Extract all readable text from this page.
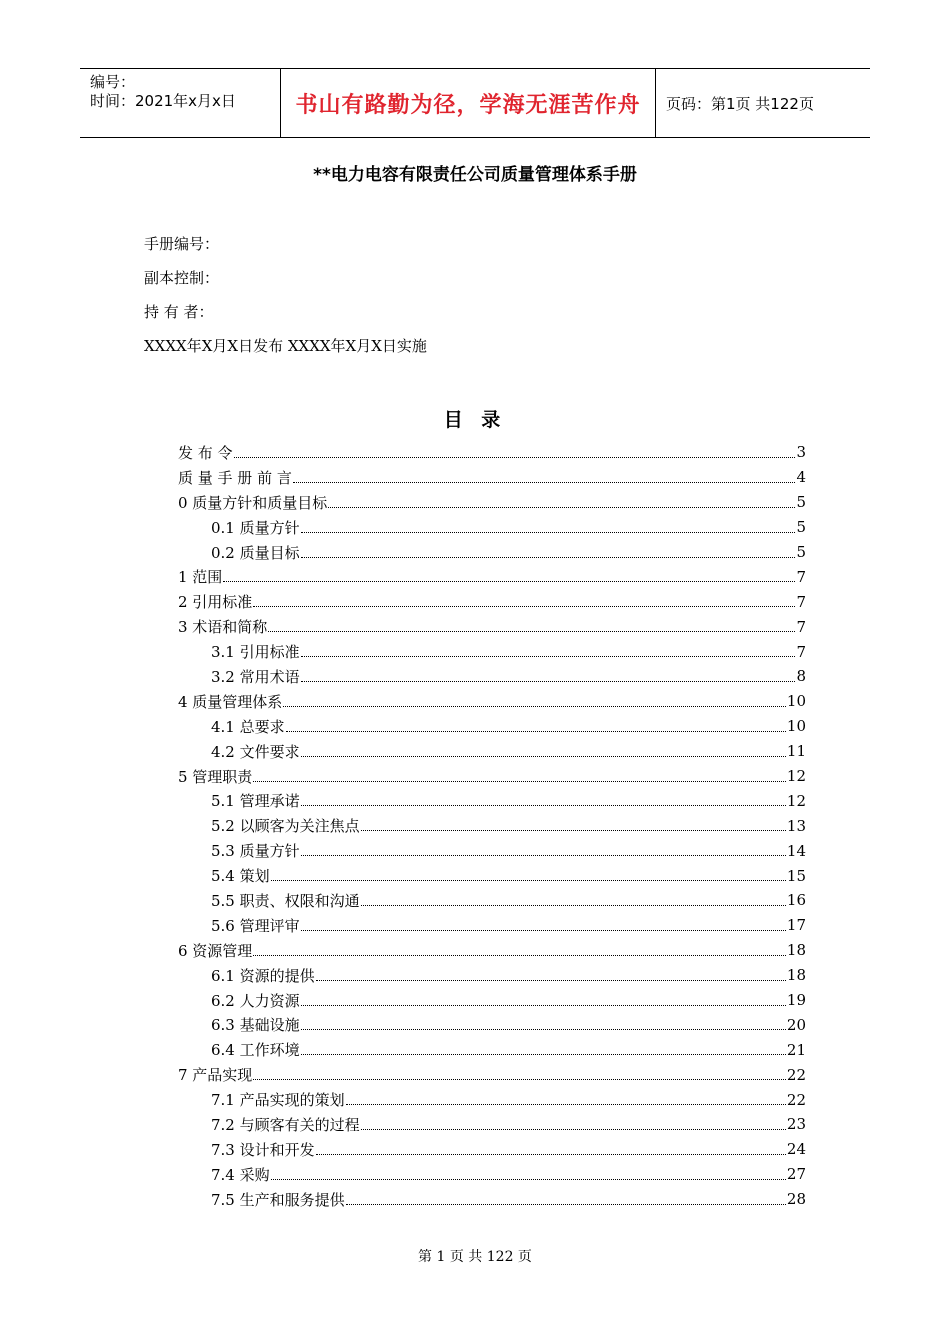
编号：
时间：2021年x月x日	书山有路勤为径，学海无涯苦作舟	页码：第1页 共122页
**电力电容有限责任公司质量管理体系手册
手册编号：
副本控制：
持 有 者：
XXXX年X月X日发布 XXXX年X月X日实施
目 录
发 布 令	3
质 量 手 册 前 言	4
0 质量方针和质量目标	5
0.1 质量方针	5
0.2 质量目标	5
1 范围	7
2 引用标准	7
3 术语和简称	7
3.1 引用标准	7
3.2 常用术语	8
4 质量管理体系	10
4.1 总要求	10
4.2 文件要求	11
5 管理职责	12
5.1 管理承诺	12
5.2 以顾客为关注焦点	13
5.3 质量方针	14
5.4 策划	15
5.5 职责、权限和沟通	16
5.6 管理评审	17
6 资源管理	18
6.1 资源的提供	18
6.2 人力资源	19
6.3 基础设施	20
6.4 工作环境	21
7 产品实现	22
7.1 产品实现的策划	22
7.2 与顾客有关的过程	23
7.3 设计和开发	24
7.4 采购	27
7.5 生产和服务提供	28
第 1 页 共 122 页
